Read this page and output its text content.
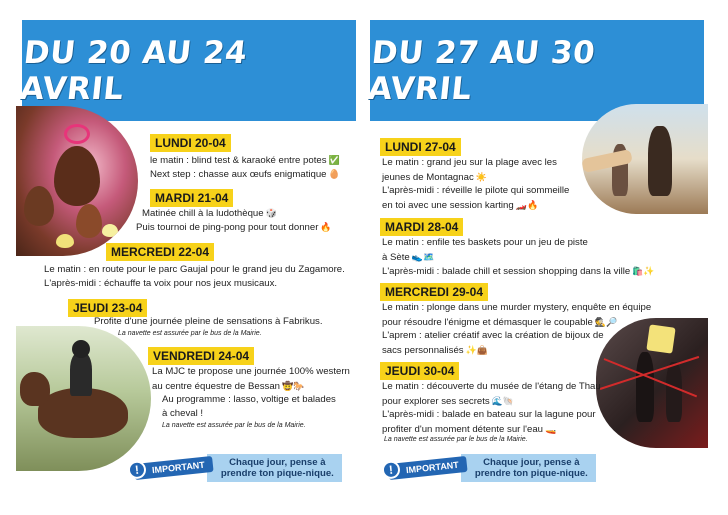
DU 20 AU 24 AVRIL
LUNDI 20-04
le matin : blind test & karaoké entre potes ✅
Next step : chasse aux œufs enigmatique 🥚
MARDI 21-04
Matinée chill à la ludothèque 🎲
Puis tournoi de ping-pong pour tout donner 🔥
MERCREDI 22-04
Le matin : en route pour le parc Gaujal pour le grand jeu du Zagamore.
L'après-midi : échauffe ta voix pour nos jeux musicaux.
JEUDI 23-04
Profite d'une journée pleine de sensations à Fabrikus.
La navette est assurée par le bus de la Mairie.
VENDREDI 24-04
La MJC te propose une journée 100% western
au centre équestre de Bessan 🤠🐎
Au programme : lasso, voltige et balades
à cheval !
La navette est assurée par le bus de la Mairie.
!	IMPORTANT	Chaque jour, pense à
prendre ton pique-nique.
DU 27 AU 30 AVRIL
LUNDI 27-04
Le matin : grand jeu sur la plage avec les
jeunes de Montagnac ☀️
L'après-midi : réveille le pilote qui sommeille
en toi avec une session karting 🏎️🔥
MARDI 28-04
Le matin : enfile tes baskets pour un jeu de piste
à Sète 👟🗺️
L'après-midi : balade chill et session shopping dans la ville 🛍️✨
MERCREDI 29-04
Le matin : plonge dans une murder mystery, enquête en équipe
pour résoudre l'énigme et démasquer le coupable 🕵️🔎
L'aprem : atelier créatif avec la création de bijoux de
sacs personnalisés ✨👜
JEUDI 30-04
Le matin : découverte du musée de l'étang de Thau
pour explorer ses secrets 🌊🐚
L'après-midi : balade en bateau sur la lagune pour
profiter d'un moment détente sur l'eau 🚤
La navette est assurée par le bus de la Mairie.
!	IMPORTANT	Chaque jour, pense à
prendre ton pique-nique.
